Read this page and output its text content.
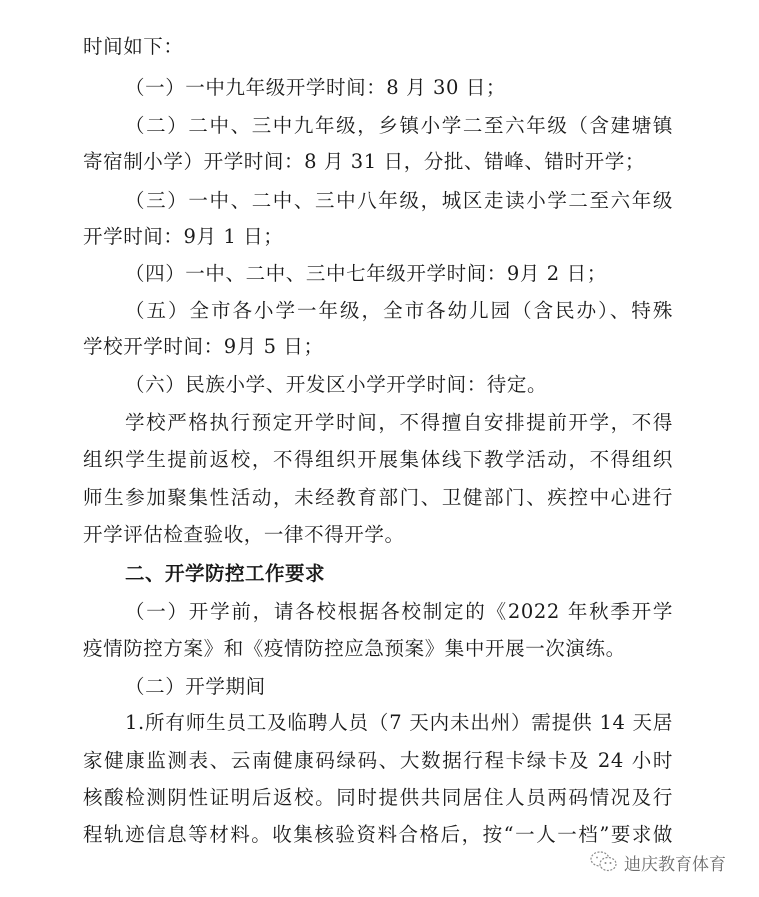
时间如下：
（一）一中九年级开学时间：8 月 30 日；
（二）二中、三中九年级，乡镇小学二至六年级（含建塘镇
寄宿制小学）开学时间：8 月 31 日，分批、错峰、错时开学；
（三）一中、二中、三中八年级，城区走读小学二至六年级
开学时间：9月 1 日；
（四）一中、二中、三中七年级开学时间：9月 2 日；
（五）全市各小学一年级，全市各幼儿园（含民办）、特殊
学校开学时间：9月 5 日；
（六）民族小学、开发区小学开学时间：待定。
学校严格执行预定开学时间，不得擅自安排提前开学，不得
组织学生提前返校，不得组织开展集体线下教学活动，不得组织
师生参加聚集性活动，未经教育部门、卫健部门、疾控中心进行
开学评估检查验收，一律不得开学。
二、开学防控工作要求
（一）开学前，请各校根据各校制定的《2022 年秋季开学
疫情防控方案》和《疫情防控应急预案》集中开展一次演练。
（二）开学期间
1.所有师生员工及临聘人员（7 天内未出州）需提供 14 天居
家健康监测表、云南健康码绿码、大数据行程卡绿卡及 24 小时
核酸检测阴性证明后返校。同时提供共同居住人员两码情况及行
程轨迹信息等材料。收集核验资料合格后，按“一人一档”要求做
迪庆教育体育
